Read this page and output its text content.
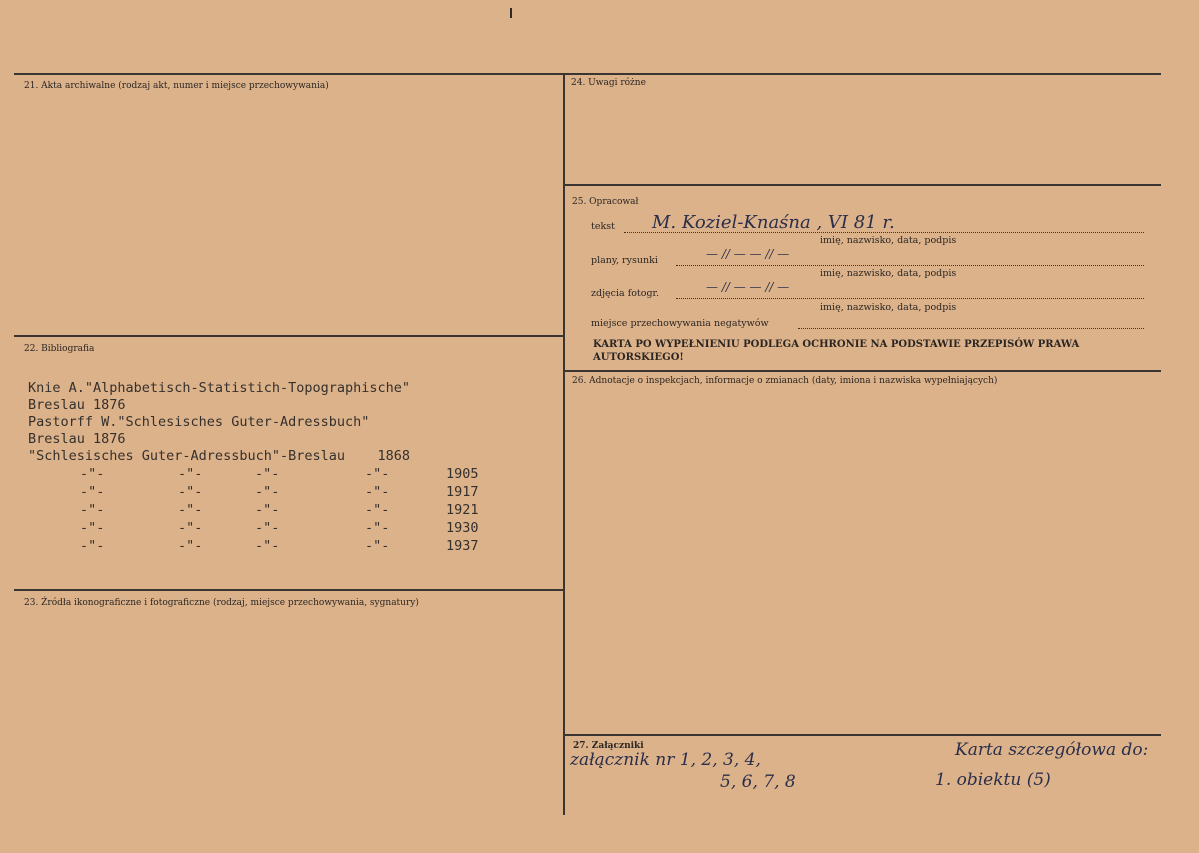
21. Akta archiwalne (rodzaj akt, numer i miejsce przechowywania)
22. Bibliografia
Knie A."Alphabetisch-Statistich-Topographische"
Breslau 1876
Pastorff W."Schlesisches Guter-Adressbuch"
Breslau 1876
"Schlesisches Guter-Adressbuch"-Breslau    1868
-"-	-"-	-"-	-"-	1905
-"-	-"-	-"-	-"-	1917
-"-	-"-	-"-	-"-	1921
-"-	-"-	-"-	-"-	1930
-"-	-"-	-"-	-"-	1937
23. Źródła ikonograficzne i fotograficzne (rodzaj, miejsce przechowywania, sygnatury)
24. Uwagi różne
25. Opracował
tekst M. Koziel-Knaśna , VI 81 r.
imię, nazwisko, data, podpis
plany, rysunki	— // — — // —
imię, nazwisko, data, podpis
zdjęcia fotogr.	— // — — // —
imię, nazwisko, data, podpis
miejsce przechowywania negatywów
KARTA PO WYPEŁNIENIU PODLEGA OCHRONIE NA PODSTAWIE PRZEPISÓW PRAWA AUTORSKIEGO!
26. Adnotacje o inspekcjach, informacje o zmianach (daty, imiona i nazwiska wypełniających)
27. Załączniki
załącznik nr 1, 2, 3, 4,
5, 6, 7, 8
Karta szczegółowa do:
1. obiektu (5)
